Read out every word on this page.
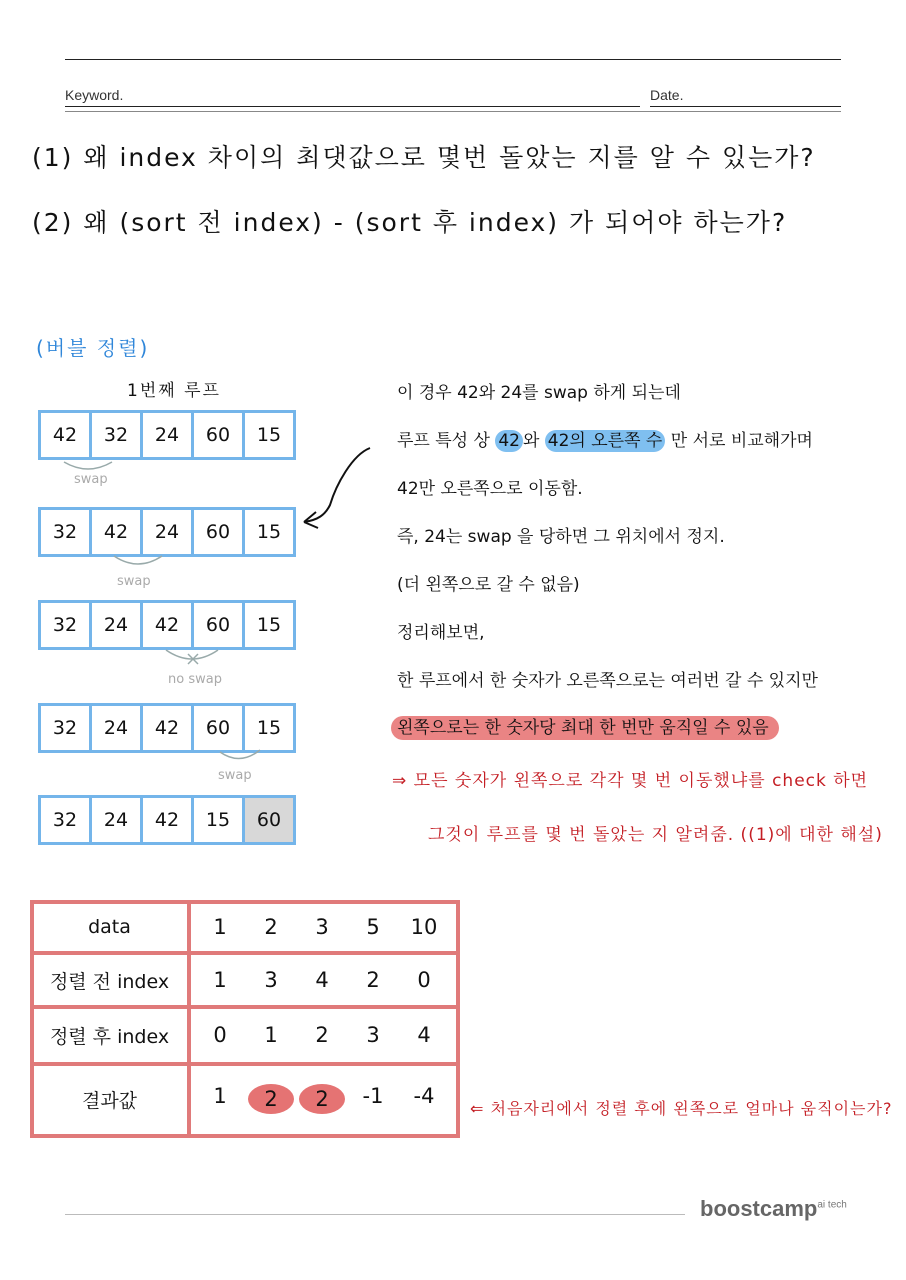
Keyword.	Date.
(1) 왜 index 차이의 최댓값으로 몇번 돌았는 지를 알 수 있는가?
(2) 왜 (sort 전 index) - (sort 후 index) 가 되어야 하는가?
(버블 정렬)
1번째 루프
42	32	24	60	15
swap
32	42	24	60	15
swap
32	24	42	60	15
no swap
32	24	42	60	15
swap
32	24	42	15	60
이 경우 42와 24를 swap 하게 되는데
루프 특성 상 42 와 42의 오른쪽 수 만 서로 비교해가며
42만 오른쪽으로 이동함.
즉, 24는 swap 을 당하면 그 위치에서 정지.
(더 왼쪽으로 갈 수 없음)
정리해보면,
한 루프에서 한 숫자가 오른쪽으로는 여러번 갈 수 있지만
왼쪽으로는 한 숫자당 최대 한 번만 움직일 수 있음
⇒ 모든 숫자가 왼쪽으로 각각 몇 번 이동했냐를 check 하면
그것이 루프를 몇 번 돌았는 지 알려줌. ((1)에 대한 해설)
data	1	2	3	5	10
정렬 전 index	1	3	4	2	0
정렬 후 index	0	1	2	3	4
결과값	1	2	2	-1	-4
⇐ 처음자리에서 정렬 후에 왼쪽으로 얼마나 움직이는가?
boostcamp$^{ai tech}$
